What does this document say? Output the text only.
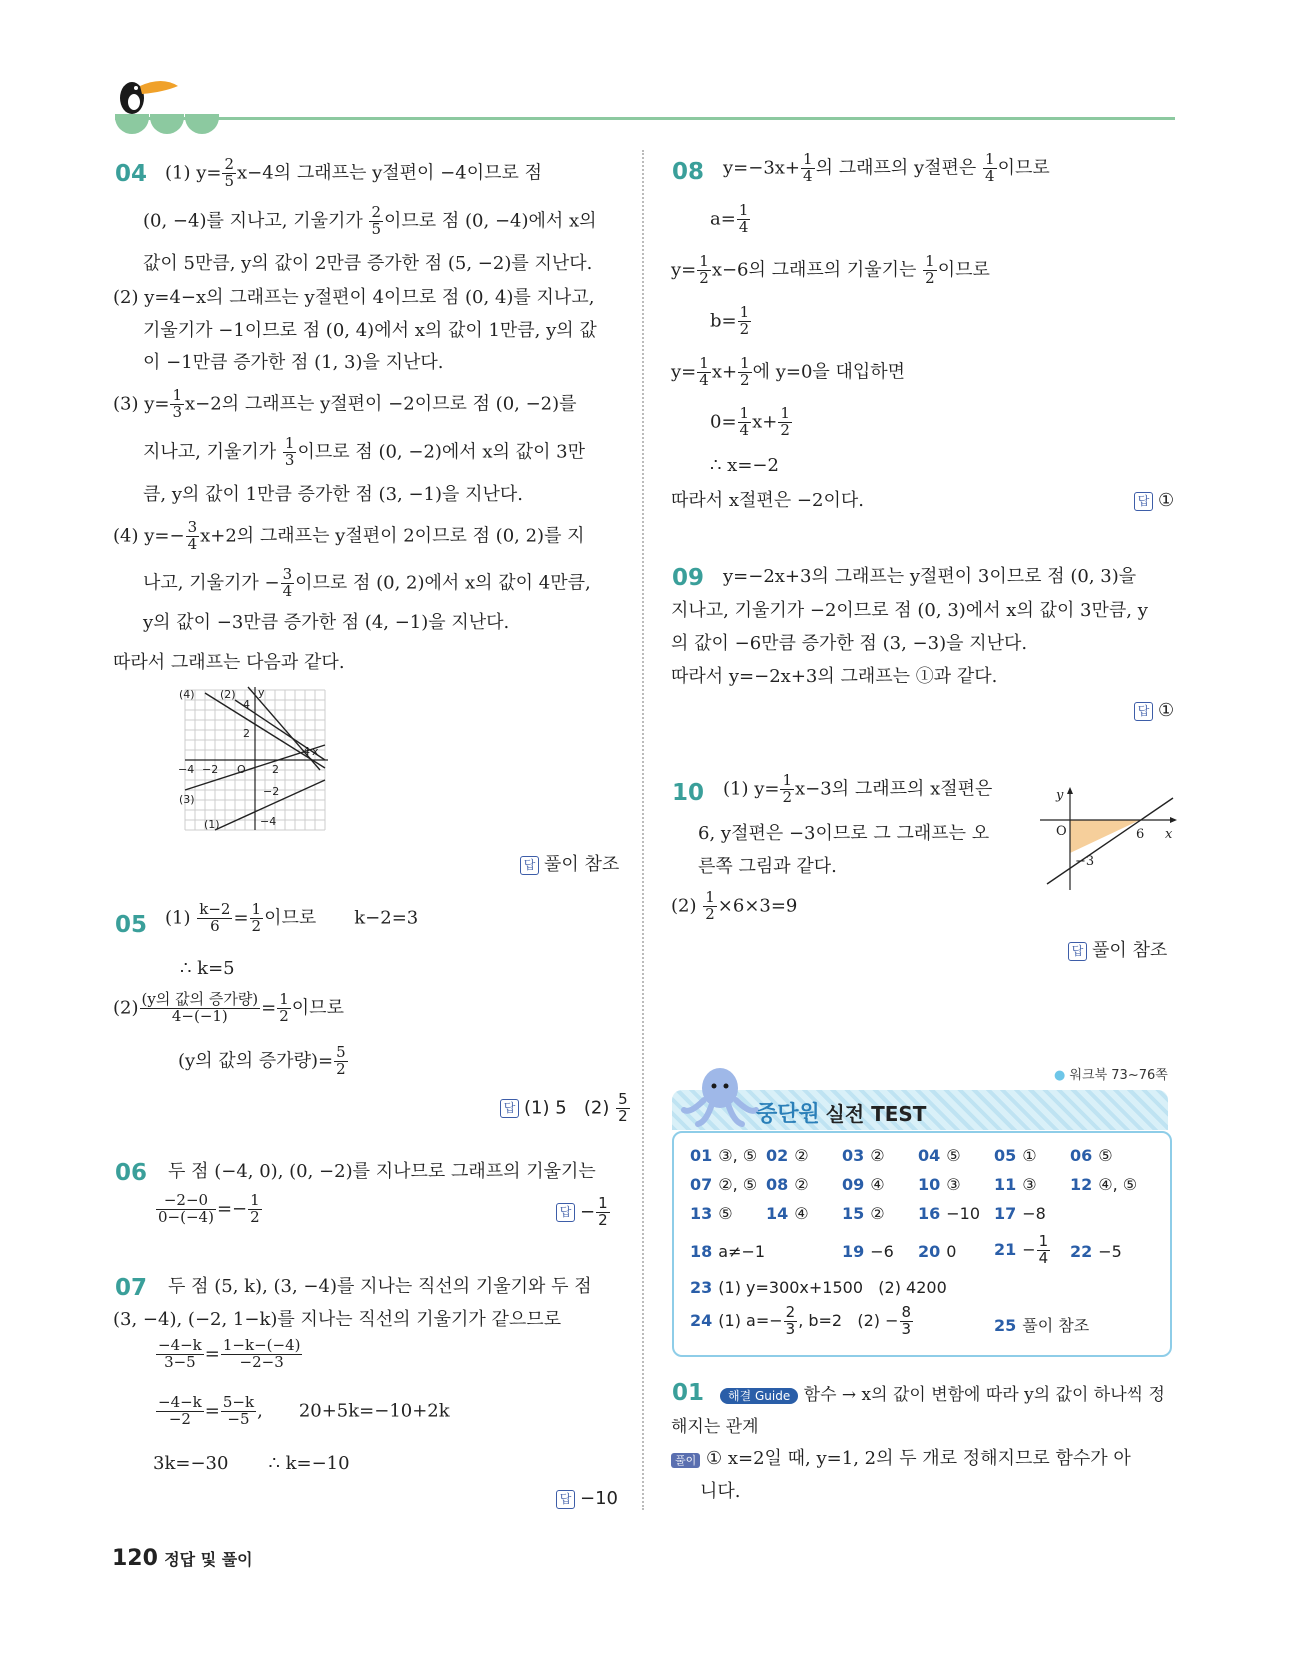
04 (1) $y= \frac{2}{5} x-4$의 그래프는 y절편이 −4이므로 점
(0, −4)를 지나고, 기울기가 $\frac{2}{5}$ 이므로 점 (0, −4)에서 x의
값이 5만큼, y의 값이 2만큼 증가한 점 (5, −2)를 지난다.
(2) y=4−x의 그래프는 y절편이 4이므로 점 (0, 4)를 지나고,
기울기가 −1이므로 점 (0, 4)에서 x의 값이 1만큼, y의 값
이 −1만큼 증가한 점 (1, 3)을 지난다.
(3) $y= \frac{1}{3} x-2$의 그래프는 y절편이 −2이므로 점 (0, −2)를
지나고, 기울기가 $\frac{1}{3}$ 이므로 점 (0, −2)에서 x의 값이 3만
큼, y의 값이 1만큼 증가한 점 (3, −1)을 지난다.
(4) $y=- \frac{3}{4} x+2$의 그래프는 y절편이 2이므로 점 (0, 2)를 지
나고, 기울기가 − $\frac{3}{4}$ 이므로 점 (0, 2)에서 x의 값이 4만큼,
y의 값이 −3만큼 증가한 점 (4, −1)을 지난다.
따라서 그래프는 다음과 같다.
(4) (2) y
4
2
4 x
−4 −2 O 2
−2
(3)
(1)	−4
답 풀이 참조
05 $(1) \frac{k-2}{6} = \frac{1}{2}$ 이므로 k−2=3
∴ k=5
$(2) \frac{\text{(y의 값의 증가량)}}{4-(-1)} = \frac{1}{2}$ 이므로
(y의 값의 증가량)= $\frac{5}{2}$
답 (1) 5 $(2) \frac{5}{2}$
06 두 점 (−4, 0), (0, −2)를 지나므로 그래프의 기울기는
$\frac{-2-0}{0-(-4)} =- \frac{1}{2}$	답 − $\frac{1}{2}$
07 두 점 (5, k), (3, −4)를 지나는 직선의 기울기와 두 점
(3, −4), (−2, 1−k)를 지나는 직선의 기울기가 같으므로
$\frac{-4-k}{3-5} = \frac{1-k-(-4)}{-2-3}$
$\frac{-4-k}{-2} = \frac{5-k}{-5}$ , 20+5k=−10+2k
3k=−30 ∴ k=−10
답 −10
08 $y=-3x+ \frac{1}{4}$ 의 그래프의 y절편은 $\frac{1}{4}$ 이므로
$a= \frac{1}{4}$
$y= \frac{1}{2} x-6$의 그래프의 기울기는 $\frac{1}{2}$ 이므로
$b= \frac{1}{2}$
$y= \frac{1}{4} x+ \frac{1}{2}$ 에 y=0을 대입하면
$0= \frac{1}{4} x+ \frac{1}{2}$
∴ x=−2
따라서 x절편은 −2이다.	답 ①
09 y=−2x+3의 그래프는 y절편이 3이므로 점 (0, 3)을
지나고, 기울기가 −2이므로 점 (0, 3)에서 x의 값이 3만큼, y
의 값이 −6만큼 증가한 점 (3, −3)을 지난다.
따라서 y=−2x+3의 그래프는 ①과 같다.
답 ①
10 (1) $y= \frac{1}{2} x-3$의 그래프의 x절편은
6, y절편은 −3이므로 그 그래프는 오
른쪽 그림과 같다.
$(2) \frac{1}{2} \times 6\times 3=9$
y
O	6 x
−3
답 풀이 참조
● 워크북 73~76쪽
중단원 실전 TEST
01 ③, ⑤ 02 ② 03 ② 04 ⑤ 05 ① 06 ⑤
07 ②, ⑤ 08 ② 09 ④ 10 ③ 11 ③ 12 ④, ⑤
13 ⑤ 14 ④ 15 ② 16 −10 17 −8
18 a≠−1	19 −6 20 0 $21 - \frac{1}{4} 22 -5$
23 (1) y=300x+1500 (2) 4200
24 (1) $a=- \frac{2}{3}$ , b=2 $(2) - \frac{8}{3}$	25 풀이 참조
01	해결 Guide 함수 → x의 값이 변함에 따라 y의 값이 하나씩 정
해지는 관계
풀이 ① x=2일 때, y=1, 2의 두 개로 정해지므로 함수가 아
니다.
120 정답 및 풀이
